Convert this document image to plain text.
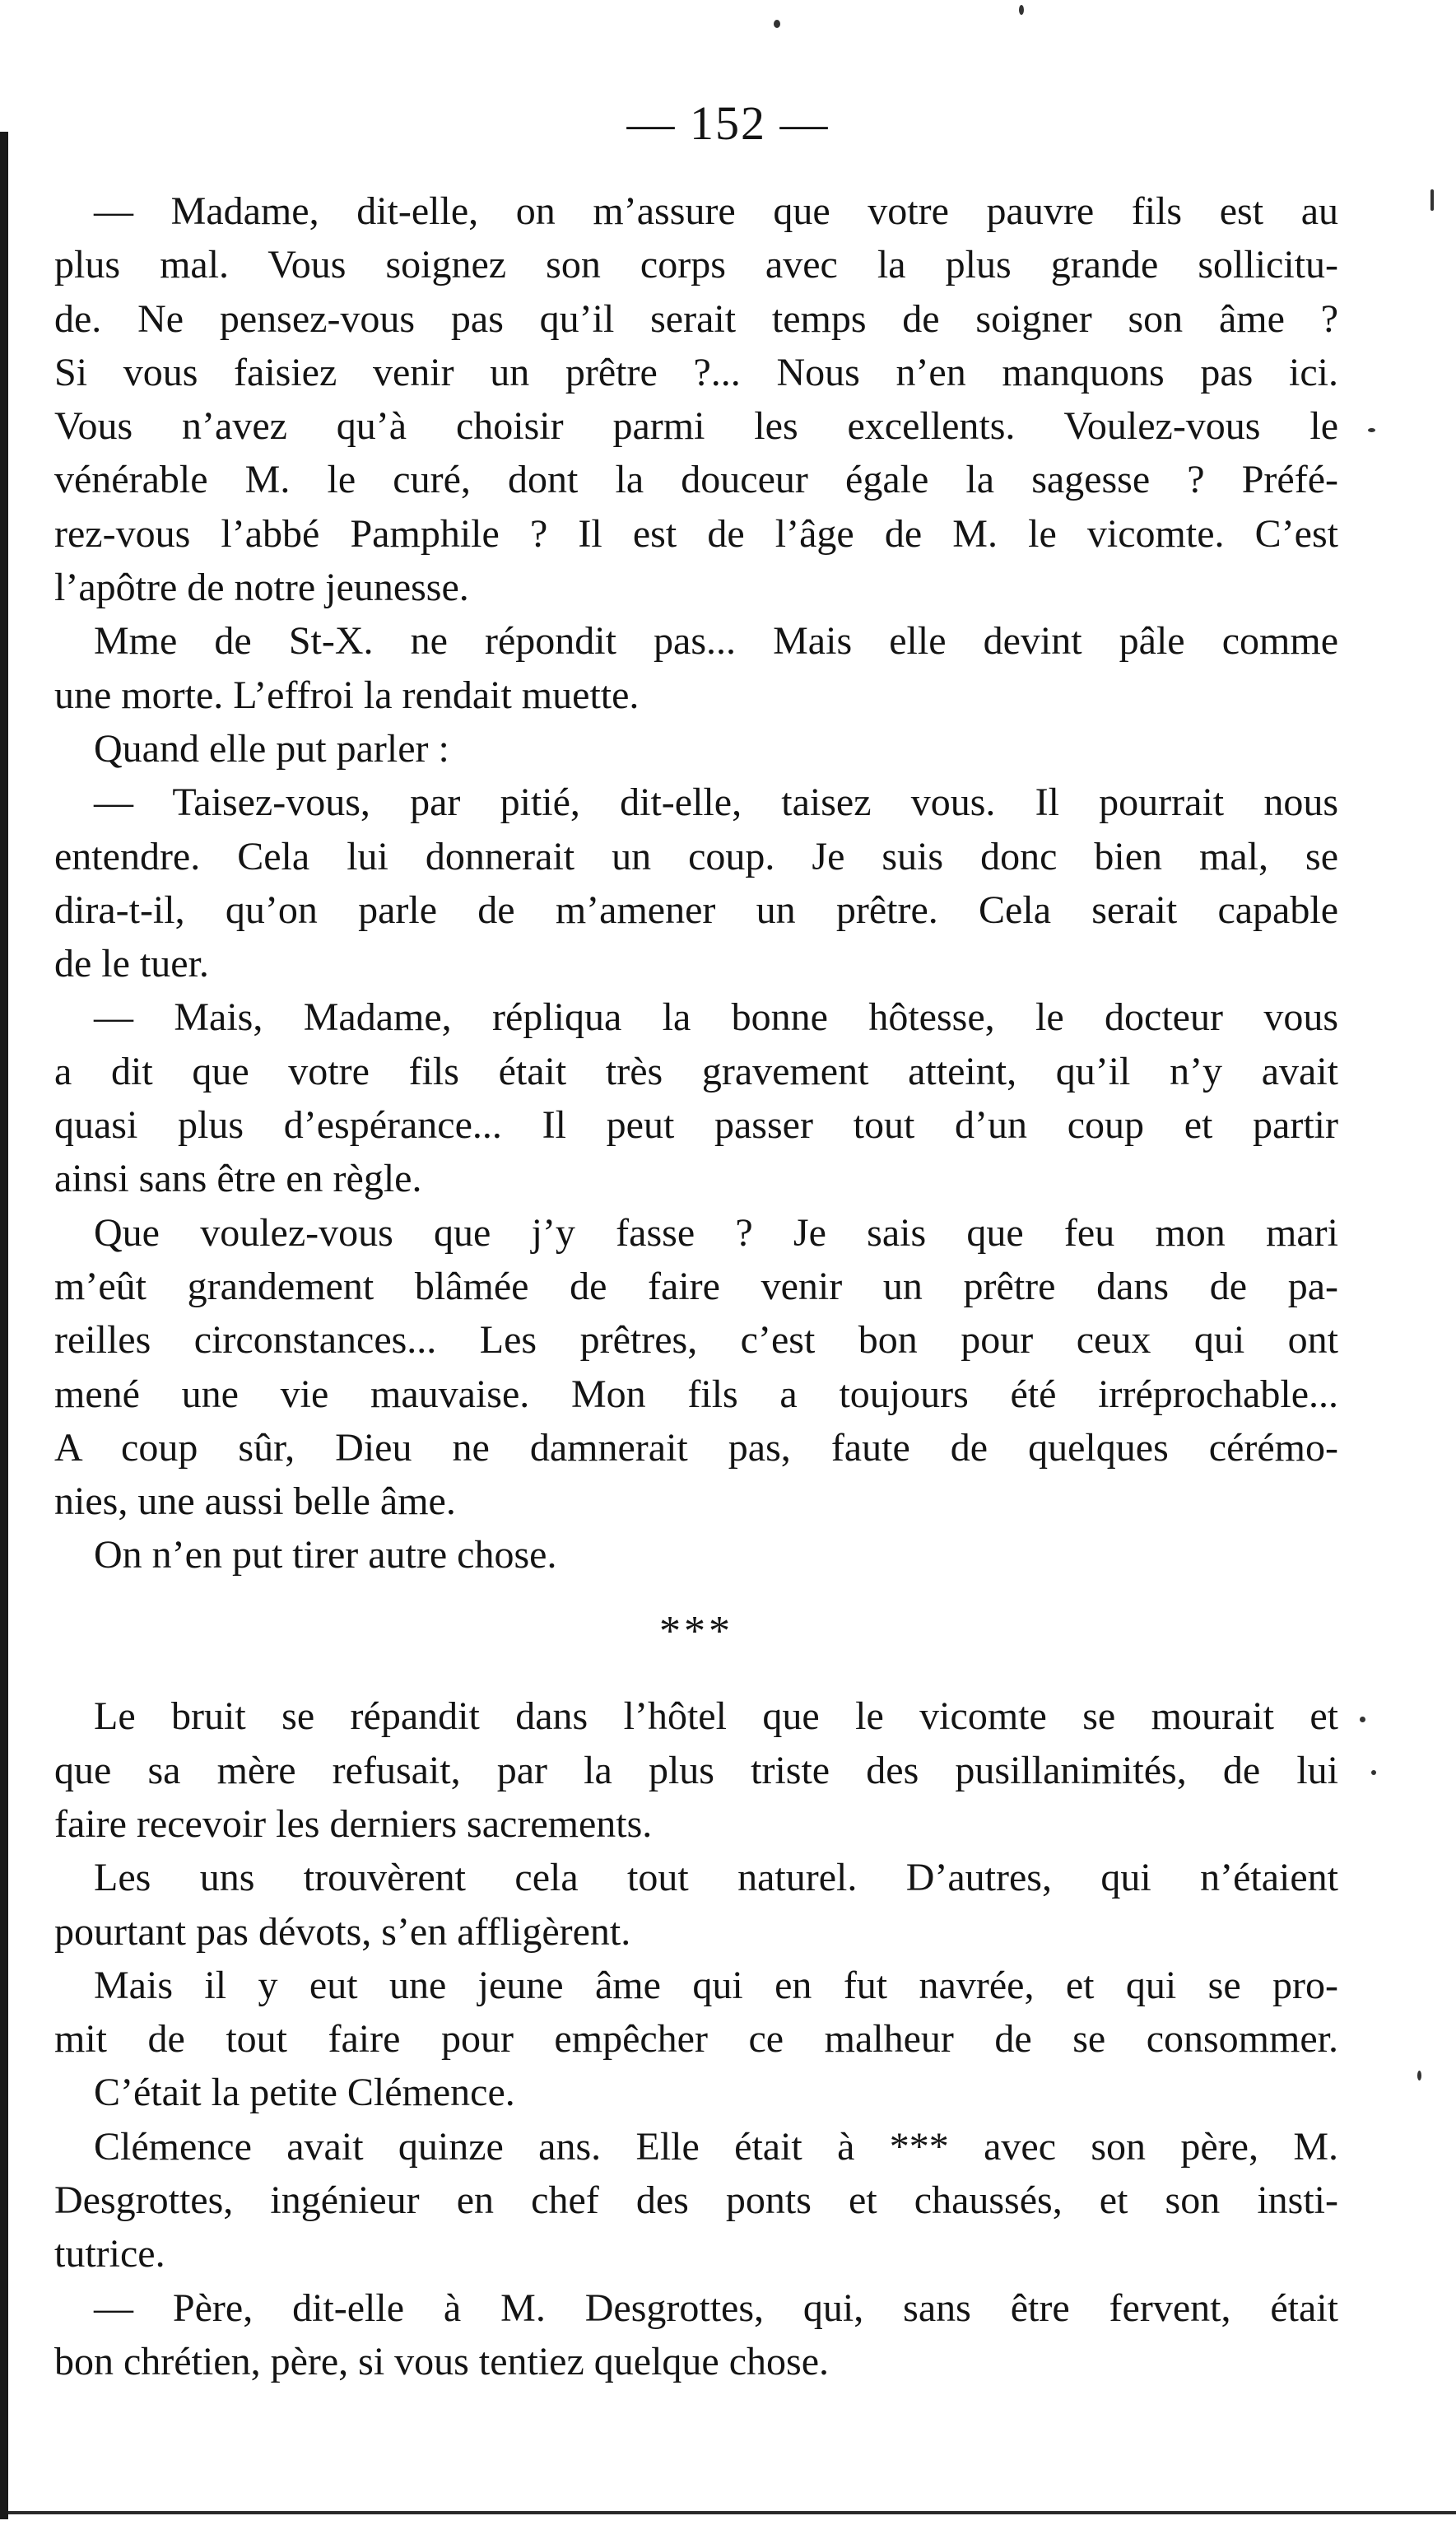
— 152 —
— Madame, dit-elle, on m’assure que votre pauvre fils est au
plus mal. Vous soignez son corps avec la plus grande sollicitu-
de. Ne pensez-vous pas qu’il serait temps de soigner son âme ?
Si vous faisiez venir un prêtre ?... Nous n’en manquons pas ici.
Vous n’avez qu’à choisir parmi les excellents. Voulez-vous le
vénérable M. le curé, dont la douceur égale la sagesse ? Préfé-
rez-vous l’abbé Pamphile ? Il est de l’âge de M. le vicomte. C’est
l’apôtre de notre jeunesse.
Mme de St-X. ne répondit pas... Mais elle devint pâle comme
une morte. L’effroi la rendait muette.
Quand elle put parler :
— Taisez-vous, par pitié, dit-elle, taisez vous. Il pourrait nous
entendre. Cela lui donnerait un coup. Je suis donc bien mal, se
dira-t-il, qu’on parle de m’amener un prêtre. Cela serait capable
de le tuer.
— Mais, Madame, répliqua la bonne hôtesse, le docteur vous
a dit que votre fils était très gravement atteint, qu’il n’y avait
quasi plus d’espérance... Il peut passer tout d’un coup et partir
ainsi sans être en règle.
Que voulez-vous que j’y fasse ? Je sais que feu mon mari
m’eût grandement blâmée de faire venir un prêtre dans de pa-
reilles circonstances... Les prêtres, c’est bon pour ceux qui ont
mené une vie mauvaise. Mon fils a toujours été irréprochable...
A coup sûr, Dieu ne damnerait pas, faute de quelques cérémo-
nies, une aussi belle âme.
On n’en put tirer autre chose.
***
Le bruit se répandit dans l’hôtel que le vicomte se mourait et
que sa mère refusait, par la plus triste des pusillanimités, de lui
faire recevoir les derniers sacrements.
Les uns trouvèrent cela tout naturel. D’autres, qui n’étaient
pourtant pas dévots, s’en affligèrent.
Mais il y eut une jeune âme qui en fut navrée, et qui se pro-
mit de tout faire pour empêcher ce malheur de se consommer.
C’était la petite Clémence.
Clémence avait quinze ans. Elle était à *** avec son père, M.
Desgrottes, ingénieur en chef des ponts et chaussés, et son insti-
tutrice.
— Père, dit-elle à M. Desgrottes, qui, sans être fervent, était
bon chrétien, père, si vous tentiez quelque chose.
